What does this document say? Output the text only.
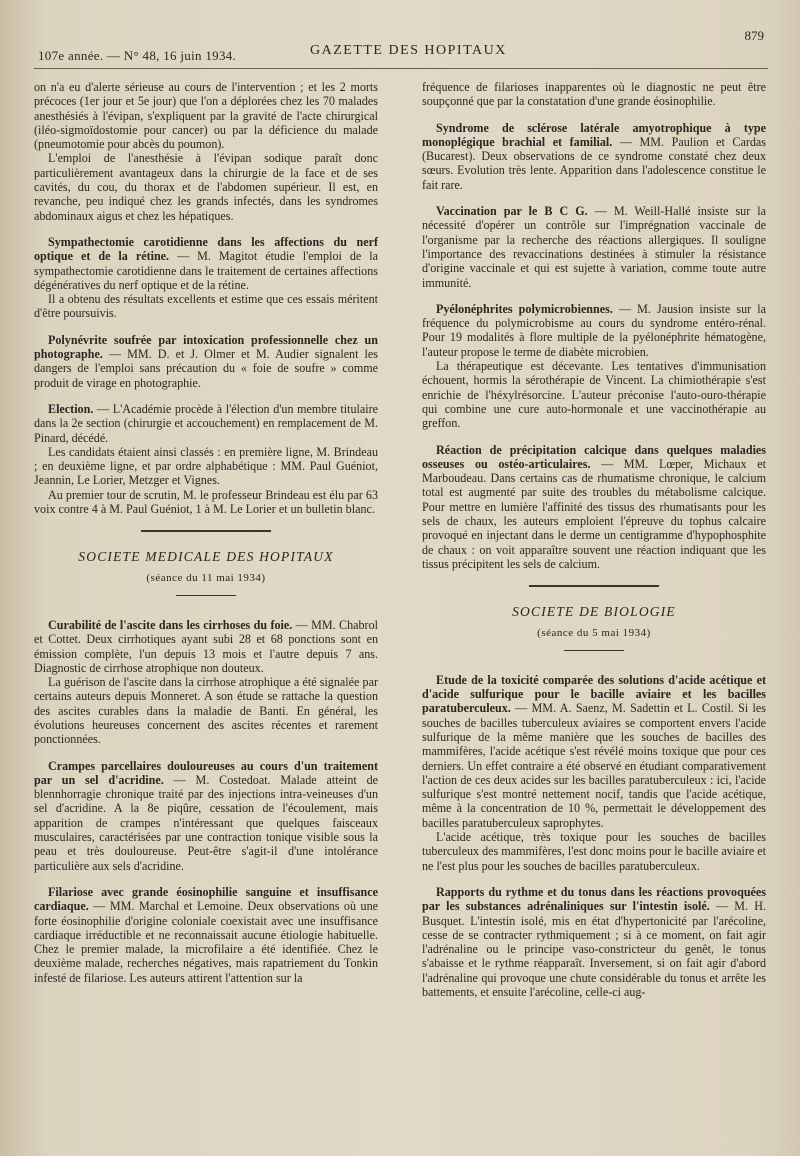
107e année. — N° 48, 16 juin 1934.	GAZETTE DES HOPITAUX
879

on n'a eu d'alerte sérieuse au cours de l'intervention ; et les 2 morts précoces (1er jour et 5e jour) que l'on a déplorées chez les 70 malades anesthésiés à l'évipan, s'expliquent par la gravité de l'acte chirurgical (iléo-sigmoïdostomie pour cancer) ou par la déficience du malade (pneumotomie pour abcès du poumon).

L'emploi de l'anesthésie à l'évipan sodique paraît donc particulièrement avantageux dans la chirurgie de la face et de ses cavités, du cou, du thorax et de l'abdomen supérieur. Il est, en revanche, peu indiqué chez les grands infectés, dans les syndromes abdominaux aigus et chez les hépatiques.

Sympathectomie carotidienne dans les affections du nerf optique et de la rétine. — M. Magitot étudie l'emploi de la sympathectomie carotidienne dans le traitement de certaines affections dégénératives du nerf optique et de la rétine.

Il a obtenu des résultats excellents et estime que ces essais méritent d'être poursuivis.

Polynévrite soufrée par intoxication professionnelle chez un photographe. — MM. D. et J. Olmer et M. Audier signalent les dangers de l'emploi sans précaution du « foie de soufre » comme produit de virage en photographie.

Election. — L'Académie procède à l'élection d'un membre titulaire dans la 2e section (chirurgie et accouchement) en remplacement de M. Pinard, décédé.

Les candidats étaient ainsi classés : en première ligne, M. Brindeau ; en deuxième ligne, et par ordre alphabétique : MM. Paul Guéniot, Jeannin, Le Lorier, Metzger et Vignes.

Au premier tour de scrutin, M. le professeur Brindeau est élu par 63 voix contre 4 à M. Paul Guéniot, 1 à M. Le Lorier et un bulletin blanc.

SOCIETE MEDICALE DES HOPITAUX
(séance du 11 mai 1934)

Curabilité de l'ascite dans les cirrhoses du foie. — MM. Chabrol et Cottet. Deux cirrhotiques ayant subi 28 et 68 ponctions sont en émission complète, l'un depuis 13 mois et l'autre depuis 7 ans. Diagnostic de cirrhose atrophique non douteux.

La guérison de l'ascite dans la cirrhose atrophique a été signalée par certains auteurs depuis Monneret. A son étude se rattache la question des ascites curables dans la maladie de Banti. En général, les évolutions heureuses concernent des ascites récentes et rarement ponctionnées.

Crampes parcellaires douloureuses au cours d'un traitement par un sel d'acridine. — M. Costedoat. Malade atteint de blennhorragie chronique traité par des injections intra-veineuses d'un sel d'acridine. A la 8e piqûre, cessation de l'écoulement, mais apparition de crampes n'intéressant que quelques faisceaux musculaires, caractérisées par une contraction tonique visible sous la peau et très douloureuse. Peut-être s'agit-il d'une intolérance particulière aux sels d'acridine.

Filariose avec grande éosinophilie sanguine et insuffisance cardiaque. — MM. Marchal et Lemoine. Deux observations où une forte éosinophilie d'origine coloniale coexistait avec une insuffisance cardiaque irréductible et ne reconnaissait aucune étiologie habituelle. Chez le premier malade, la microfilaire a été identifiée. Chez le deuxième malade, recherches négatives, mais rapatriement du Tonkin infesté de filariose. Les auteurs attirent l'attention sur la

fréquence de filarioses inapparentes où le diagnostic ne peut être soupçonné que par la constatation d'une grande éosinophilie.

Syndrome de sclérose latérale amyotrophique à type monoplégique brachial et familial. — MM. Paulion et Cardas (Bucarest). Deux observations de ce syndrome constaté chez deux sœurs. Evolution très lente. Apparition dans l'adolescence constitue le fait rare.

Vaccination par le B C G. — M. Weill-Hallé insiste sur la nécessité d'opérer un contrôle sur l'imprégnation vaccinale de l'organisme par la recherche des réactions allergiques. Il souligne l'importance des revaccinations destinées à stimuler la résistance d'origine vaccinale et qui est sujette à variation, comme toute autre immunité.

Pyélonéphrites polymicrobiennes. — M. Jausion insiste sur la fréquence du polymicrobisme au cours du syndrome entéro-rénal. Pour 19 modalités à flore multiple de la pyélonéphrite hématogène, l'auteur propose le terme de diabète microbien.

La thérapeutique est décevante. Les tentatives d'immunisation échouent, hormis la sérothérapie de Vincent. La chimiothérapie s'est enrichie de l'héxylrésorcine. L'auteur préconise l'auto-ouro-thérapie qui combine une cure auto-hormonale et une vaccinothérapie au greffon.

Réaction de précipitation calcique dans quelques maladies osseuses ou ostéo-articulaires. — MM. Lœper, Michaux et Marboudeau. Dans certains cas de rhumatisme chronique, le calcium total est augmenté par suite des troubles du métabolisme calcique. Pour mettre en lumière l'affinité des tissus des rhumatisants pour les sels de chaux, les auteurs emploient l'épreuve du tophus calcaire provoqué en injectant dans le derme un centigramme d'hypophosphite de chaux : on voit apparaître souvent une réaction indiquant que les tissus précipitent les sels de calcium.

SOCIETE DE BIOLOGIE
(séance du 5 mai 1934)

Etude de la toxicité comparée des solutions d'acide acétique et d'acide sulfurique pour le bacille aviaire et les bacilles paratuberculeux. — MM. A. Saenz, M. Sadettin et L. Costil. Si les souches de bacilles tuberculeux aviaires se comportent envers l'acide sulfurique de la même manière que les souches de bacilles des mammifères, l'acide acétique s'est révélé moins toxique que pour ces derniers. Un effet contraire a été observé en étudiant comparativement l'action de ces deux acides sur les bacilles paratuberculeux : ici, l'acide sulfurique s'est montré nettement nocif, tandis que l'acide acétique, même à la concentration de 10 %, permettait le développement des bacilles paratuberculeux saprophytes.

L'acide acétique, très toxique pour les souches de bacilles tuberculeux des mammifères, l'est donc moins pour le bacille aviaire et ne l'est plus pour les souches de bacilles paratuberculeux.

Rapports du rythme et du tonus dans les réactions provoquées par les substances adrénaliniques sur l'intestin isolé. — M. H. Busquet. L'intestin isolé, mis en état d'hypertonicité par l'arécoline, cesse de se contracter rythmiquement ; si à ce moment, on fait agir l'adrénaline ou le principe vaso-constricteur du genêt, le tonus s'abaisse et le rythme réapparaît. Inversement, si on fait agir d'abord l'adrénaline qui provoque une chute considérable du tonus et arrête les battements, et ensuite l'arécoline, celle-ci aug-
